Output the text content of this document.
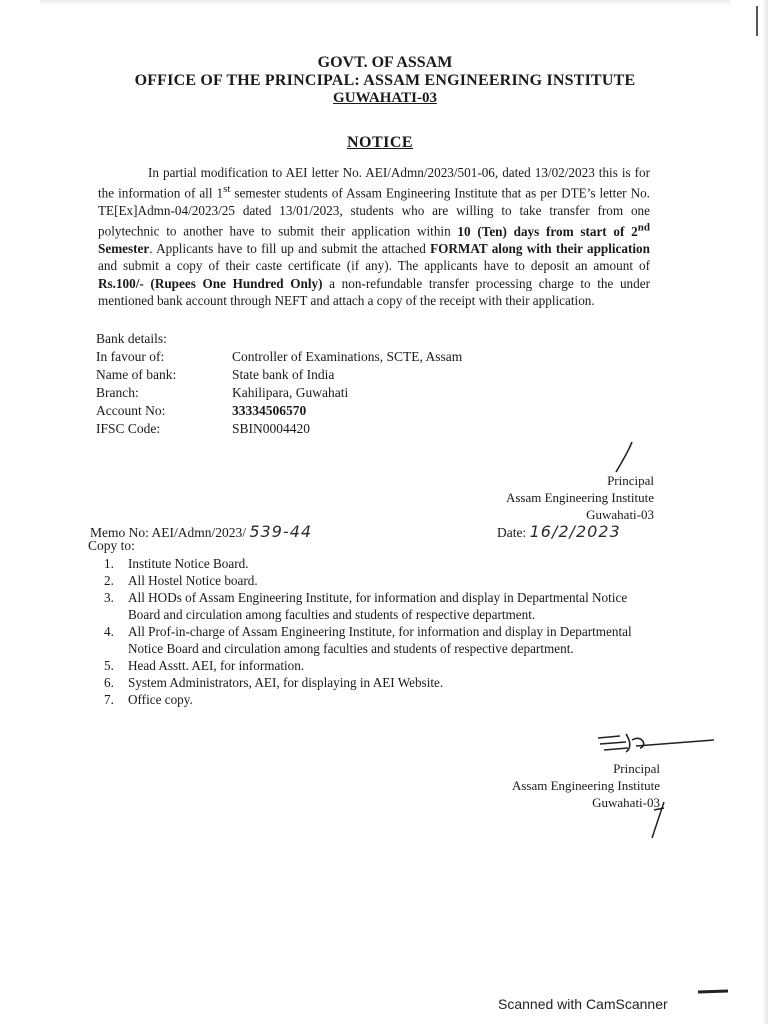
GOVT. OF ASSAM
OFFICE OF THE PRINCIPAL: ASSAM ENGINEERING INSTITUTE
GUWAHATI-03
NOTICE

In partial modification to AEI letter No. AEI/Admn/2023/501-06, dated 13/02/2023 this is for the information of all 1st semester students of Assam Engineering Institute that as per DTE’s letter No. TE[Ex]Admn-04/2023/25 dated 13/01/2023, students who are willing to take transfer from one polytechnic to another have to submit their application within 10 (Ten) days from start of 2nd Semester. Applicants have to fill up and submit the attached FORMAT along with their application and submit a copy of their caste certificate (if any). The applicants have to deposit an amount of Rs.100/- (Rupees One Hundred Only) a non-refundable transfer processing charge to the under mentioned bank account through NEFT and attach a copy of the receipt with their application.

Bank details:
In favour of:	Controller of Examinations, SCTE, Assam
Name of bank:	State bank of India
Branch:	Kahilipara, Guwahati
Account No:	33334506570
IFSC Code:	SBIN0004420
Principal
Assam Engineering Institute
Guwahati-03
Memo No: AEI/Admn/2023/ 539-44	Date: 16/2/2023
Copy to:
1. Institute Notice Board.
2. All Hostel Notice board.
3. All HODs of Assam Engineering Institute, for information and display in Departmental Notice Board and circulation among faculties and students of respective department.
4. All Prof-in-charge of Assam Engineering Institute, for information and display in Departmental Notice Board and circulation among faculties and students of respective department.
5. Head Asstt. AEI, for information.
6. System Administrators, AEI, for displaying in AEI Website.
7. Office copy.
Principal
Assam Engineering Institute
Guwahati-03
Scanned with CamScanner
